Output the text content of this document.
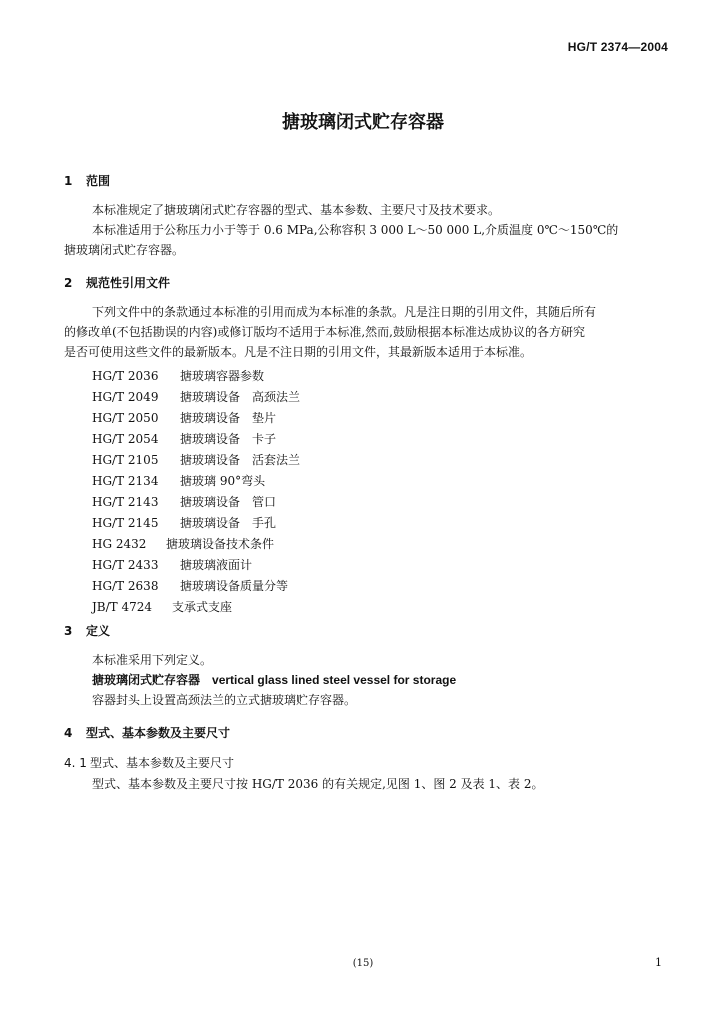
HG/T 2374—2004
搪玻璃闭式贮存容器
1 范围
本标准规定了搪玻璃闭式贮存容器的型式、基本参数、主要尺寸及技术要求。
本标准适用于公称压力小于等于 0.6 MPa,公称容积 3 000 L～50 000 L,介质温度 0℃～150℃的
搪玻璃闭式贮存容器。
2 规范性引用文件
下列文件中的条款通过本标准的引用而成为本标准的条款。凡是注日期的引用文件，其随后所有
的修改单(不包括勘误的内容)或修订版均不适用于本标准,然而,鼓励根据本标准达成协议的各方研究
是否可使用这些文件的最新版本。凡是不注日期的引用文件，其最新版本适用于本标准。
HG/T 2036 搪玻璃容器参数
HG/T 2049 搪玻璃设备　高颈法兰
HG/T 2050 搪玻璃设备　垫片
HG/T 2054 搪玻璃设备　卡子
HG/T 2105 搪玻璃设备　活套法兰
HG/T 2134 搪玻璃 90°弯头
HG/T 2143 搪玻璃设备　管口
HG/T 2145 搪玻璃设备　手孔
HG 2432 搪玻璃设备技术条件
HG/T 2433 搪玻璃液面计
HG/T 2638 搪玻璃设备质量分等
JB/T 4724 支承式支座
3 定义
本标准采用下列定义。
搪玻璃闭式贮存容器 vertical glass lined steel vessel for storage
容器封头上设置高颈法兰的立式搪玻璃贮存容器。
4 型式、基本参数及主要尺寸
4. 1 型式、基本参数及主要尺寸
型式、基本参数及主要尺寸按 HG/T 2036 的有关规定,见图 1、图 2 及表 1、表 2。
(15)	1
